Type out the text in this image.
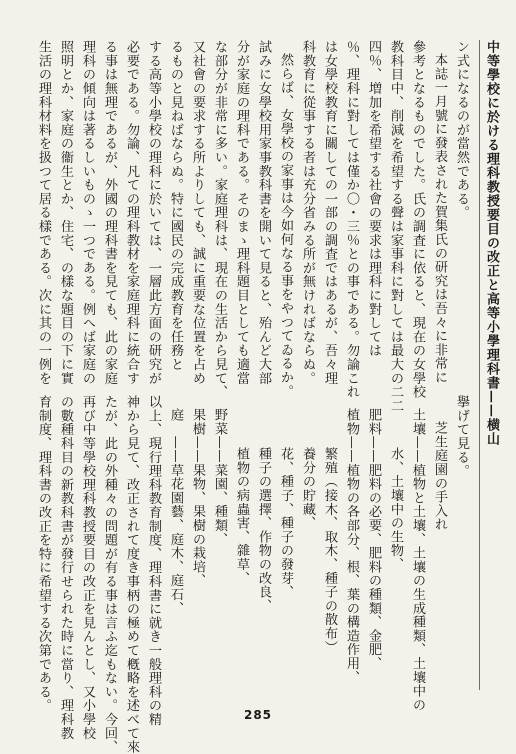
中等學校に於ける理科教授要目の改正と高等小學理科書——横山
ン式になるのが當然である。
本誌一月號に發表された賀集氏の研究は吾々に非常に
參考となるものでした。氏の調査に依ると、現在の女學校
教科目中、削減を希望する聲は家事科に對しては最大の二二
四％、増加を希望する社會の要求は理科に對しては
％、理科に對しては僅か〇・三％との事である。勿論これ
は女學校教育に關しての一部の調査ではあるが、吾々理
科教育に從事する者は充分省みる所が無ければならぬ。
然らば、女學校の家事は今如何なる事をやつてゐるか。
試みに女學校用家事教科書を開いて見ると、殆んど大部
分が家庭の理科である。そのまゝ理科題目としても適當
な部分が非常に多い。家庭理科は、現在の生活から見て、
又社會の要求する所よりしても、誠に重要な位置を占め
るものと見ねばならぬ。特に國民の完成教育を任務と
する高等小學校の理科に於いては、一層此方面の研究が
必要である。勿論、凡ての理科教材を家庭理科に統合す
る事は無理であるが、外國の理科書を見ても、此の家庭
理科の傾向は著るしいものゝ一つである。例へば家庭の
照明とか、家庭の衞生とか、住宅、の樣な題目の下に實
生活の理科材料を扱つて居る樣である。次に其の一例を
擧げて見る。
芝生庭園の手入れ
土壤——植物と土壤、土壤の生成種類、土壤中の
水、土壤中の生物、
肥料——肥料の必要、肥料の種類、金肥、
植物——植物の各部分、根、葉の構造作用、
繁殖（接木、取木、種子の散布）
養分の貯藏、
花、種子、種子の發芽、
種子の選擇、作物の改良、
植物の病蟲害、雜草、
野菜——菜園、種類、
果樹——果物、果樹の栽培、
庭　——草花園藝、庭木、庭石、
以上、現行理科教育制度、理科書に就き一般理科の精
神から見て、改正されて度き事柄の極めて槪略を述べて來
たが、此の外種々の問題が有る事は言ふ迄もない。今回、
再び中等學校理科教授要目の改正を見んとし、又小學校
の數種科目の新教科書が發行せられた時に當り、理科教
育制度、理科書の改正を特に希望する次第である。
285
